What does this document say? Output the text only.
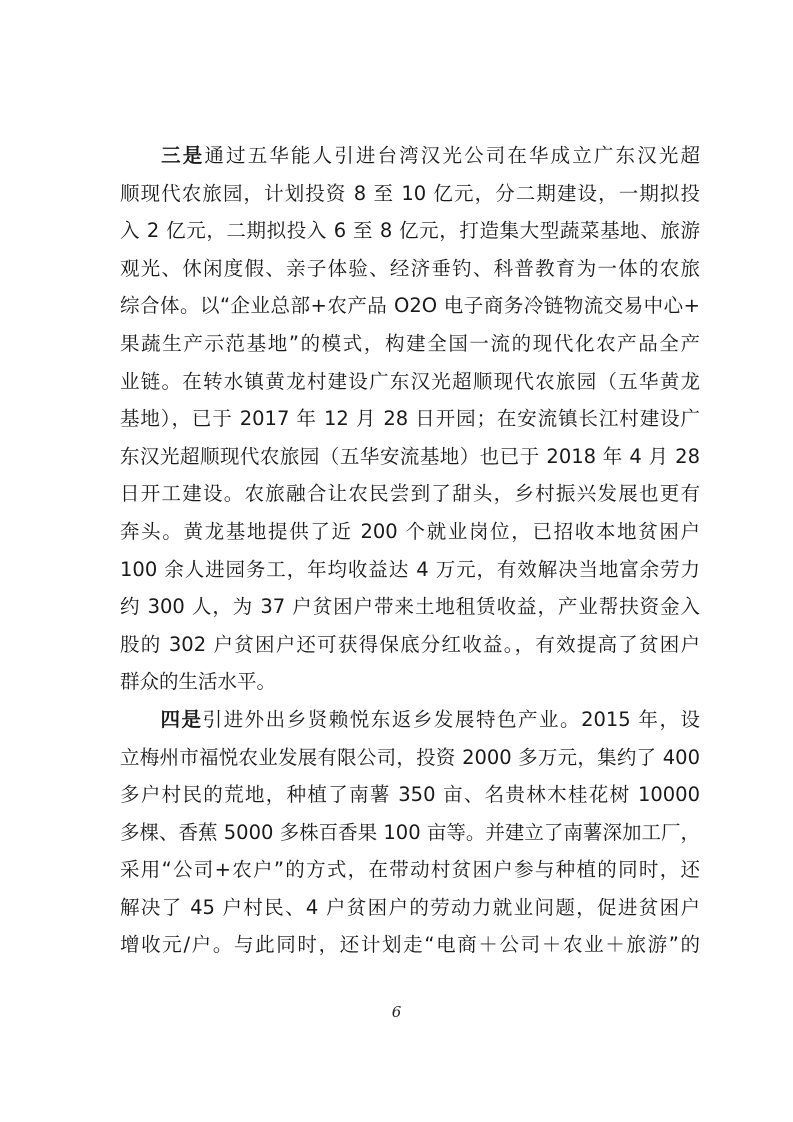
三是通过五华能人引进台湾汉光公司在华成立广东汉光超
顺现代农旅园，计划投资 8 至 10 亿元，分二期建设，一期拟投
入 2 亿元，二期拟投入 6 至 8 亿元，打造集大型蔬菜基地、旅游
观光、休闲度假、亲子体验、经济垂钓、科普教育为一体的农旅
综合体。以“企业总部+农产品 O2O 电子商务冷链物流交易中心+
果蔬生产示范基地”的模式，构建全国一流的现代化农产品全产
业链。在转水镇黄龙村建设广东汉光超顺现代农旅园（五华黄龙
基地），已于 2017 年 12 月 28 日开园；在安流镇长江村建设广
东汉光超顺现代农旅园（五华安流基地）也已于 2018 年 4 月 28
日开工建设。农旅融合让农民尝到了甜头，乡村振兴发展也更有
奔头。黄龙基地提供了近 200 个就业岗位，已招收本地贫困户
100 余人进园务工，年均收益达 4 万元，有效解决当地富余劳力
约 300 人，为 37 户贫困户带来土地租赁收益，产业帮扶资金入
股的 302 户贫困户还可获得保底分红收益。，有效提高了贫困户
群众的生活水平。
四是引进外出乡贤赖悦东返乡发展特色产业。2015 年，设
立梅州市福悦农业发展有限公司，投资 2000 多万元，集约了 400
多户村民的荒地，种植了南薯 350 亩、名贵林木桂花树 10000
多棵、香蕉 5000 多株百香果 100 亩等。并建立了南薯深加工厂，
采用“公司+农户”的方式，在带动村贫困户参与种植的同时，还
解决了 45 户村民、4 户贫困户的劳动力就业问题，促进贫困户
增收元/户。与此同时，还计划走“电商＋公司＋农业＋旅游”的
6
